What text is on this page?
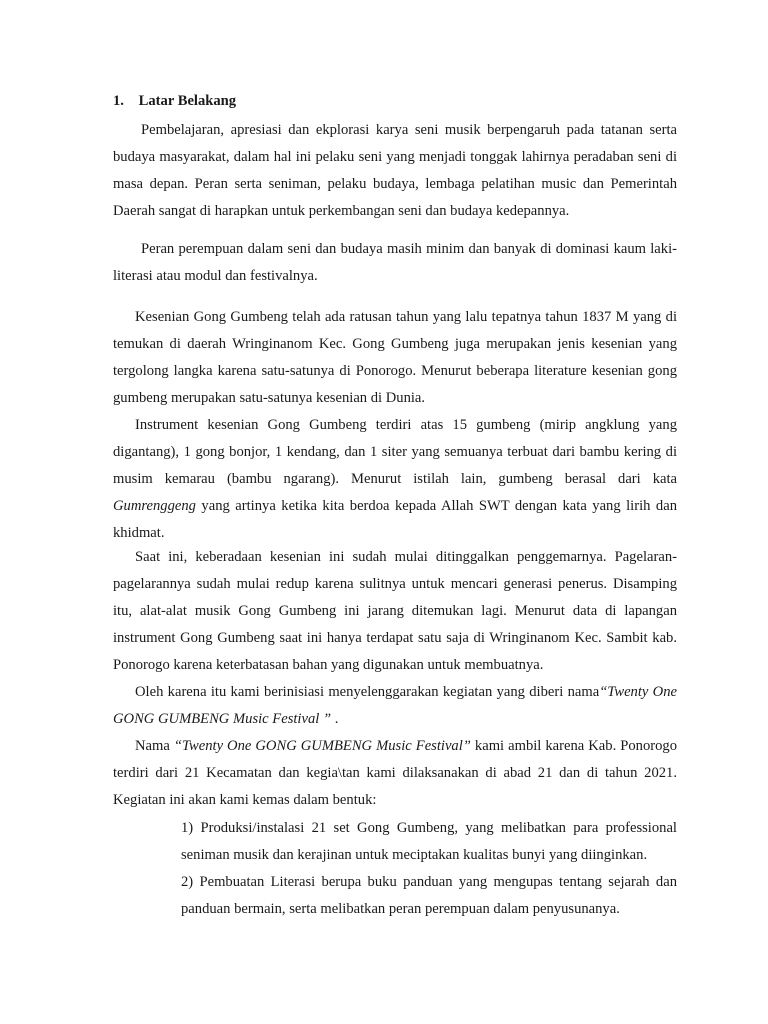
1. Latar Belakang

Pembelajaran, apresiasi dan ekplorasi karya seni musik berpengaruh pada tatanan serta budaya masyarakat, dalam hal ini pelaku seni yang menjadi tonggak lahirnya peradaban seni di masa depan. Peran serta seniman, pelaku budaya, lembaga pelatihan music dan Pemerintah Daerah sangat di harapkan untuk perkembangan seni dan budaya kedepannya.

Peran perempuan dalam seni dan budaya masih minim dan banyak di dominasi kaum laki- literasi atau modul dan festivalnya.

Kesenian Gong Gumbeng telah ada ratusan tahun yang lalu tepatnya tahun 1837 M yang di temukan di daerah Wringinanom Kec. Gong Gumbeng juga merupakan jenis kesenian yang tergolong langka karena satu-satunya di Ponorogo. Menurut beberapa literature kesenian gong gumbeng merupakan satu-satunya kesenian di Dunia.

Instrument kesenian Gong Gumbeng terdiri atas 15 gumbeng (mirip angklung yang digantang), 1 gong bonjor, 1 kendang, dan 1 siter yang semuanya terbuat dari bambu kering di musim kemarau (bambu ngarang). Menurut istilah lain, gumbeng berasal dari kata Gumrenggeng yang artinya ketika kita berdoa kepada Allah SWT dengan kata yang lirih dan khidmat.

Saat ini, keberadaan kesenian ini sudah mulai ditinggalkan penggemarnya. Pagelaran-pagelarannya sudah mulai redup karena sulitnya untuk mencari generasi penerus. Disamping itu, alat-alat musik Gong Gumbeng ini jarang ditemukan lagi. Menurut data di lapangan instrument Gong Gumbeng saat ini hanya terdapat satu saja di Wringinanom Kec. Sambit kab. Ponorogo karena keterbatasan bahan yang digunakan untuk membuatnya.

Oleh karena itu kami berinisiasi menyelenggarakan kegiatan yang diberi nama“Twenty One GONG GUMBENG Music Festival ” .

Nama “Twenty One GONG GUMBENG Music Festival” kami ambil karena Kab. Ponorogo terdiri dari 21 Kecamatan dan kegia\tan kami dilaksanakan di abad 21 dan di tahun 2021. Kegiatan ini akan kami kemas dalam bentuk:

1) Produksi/instalasi 21 set Gong Gumbeng, yang melibatkan para professional seniman musik dan kerajinan untuk meciptakan kualitas bunyi yang diinginkan.

2) Pembuatan Literasi berupa buku panduan yang mengupas tentang sejarah dan panduan bermain, serta melibatkan peran perempuan dalam penyusunanya.
